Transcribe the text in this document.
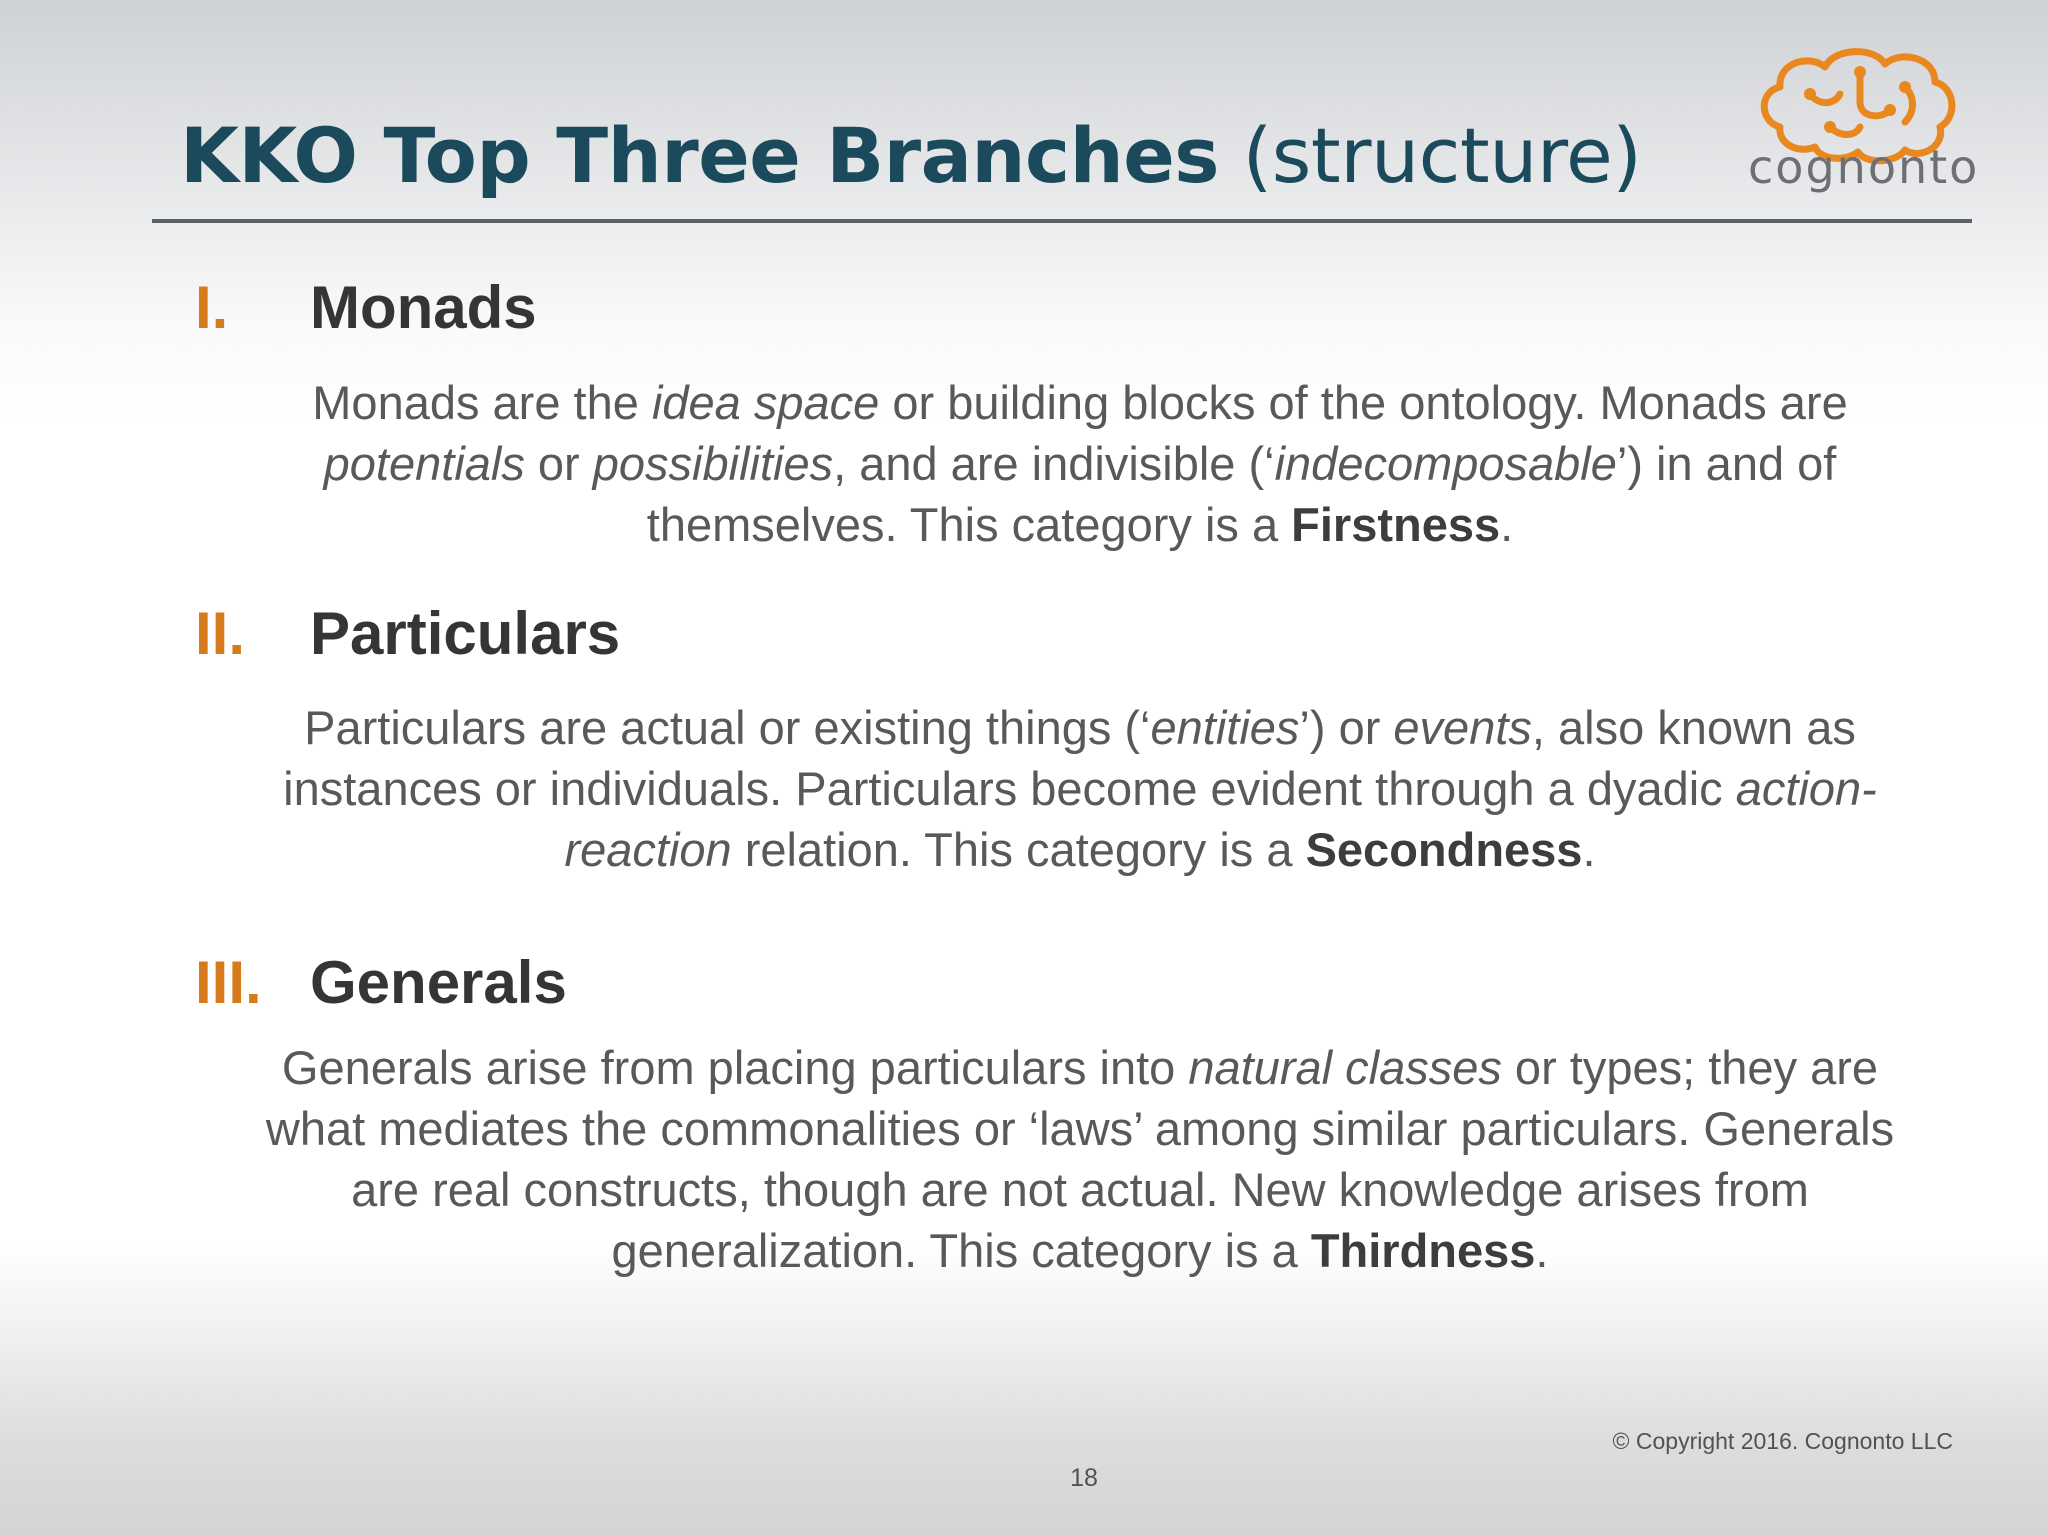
KKO Top Three Branches (structure) cognonto
I. Monads
Monads are the idea space or building blocks of the ontology. Monads are potentials or possibilities, and are indivisible (‘indecomposable’) in and of themselves. This category is a Firstness.
II. Particulars
Particulars are actual or existing things (‘entities’) or events, also known as instances or individuals. Particulars become evident through a dyadic action-reaction relation. This category is a Secondness.
III. Generals
Generals arise from placing particulars into natural classes or types; they are what mediates the commonalities or ‘laws’ among similar particulars. Generals are real constructs, though are not actual. New knowledge arises from generalization. This category is a Thirdness.
© Copyright 2016. Cognonto LLC
18
